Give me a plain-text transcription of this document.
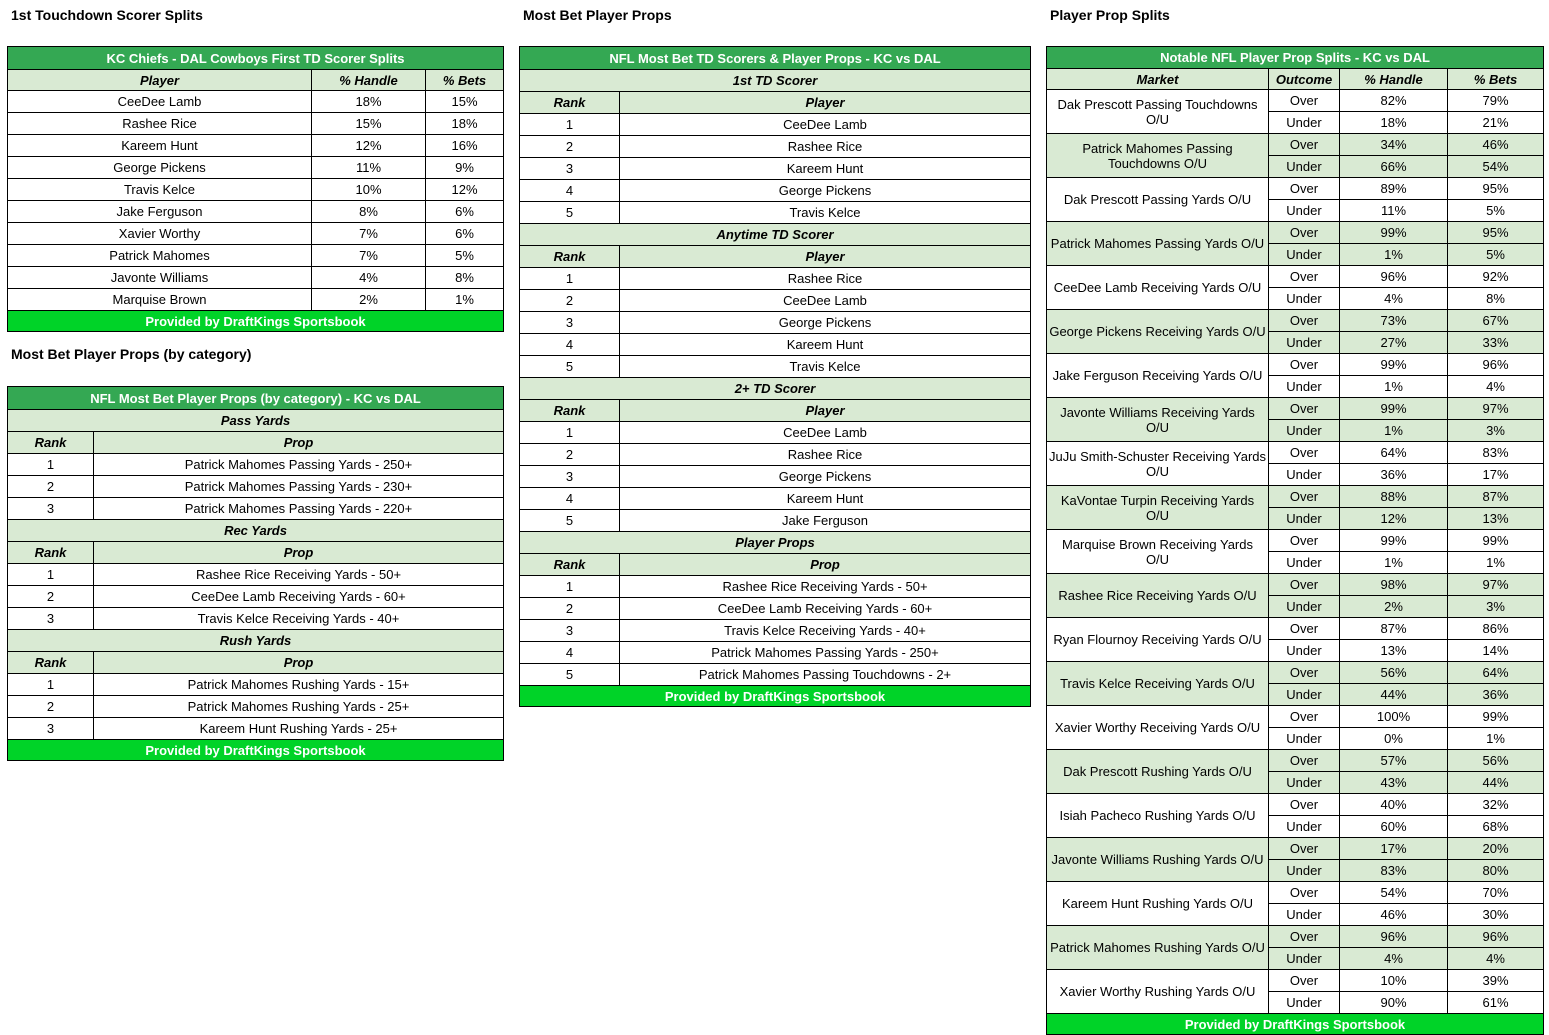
1st Touchdown Scorer Splits	Most Bet Player Props	Player Prop Splits
Most Bet Player Props (by category)
KC Chiefs - DAL Cowboys First TD Scorer Splits		
Player	% Handle	% Bets
CeeDee Lamb	18%	15%
Rashee Rice	15%	18%
Kareem Hunt	12%	16%
George Pickens	11%	9%
Travis Kelce	10%	12%
Jake Ferguson	8%	6%
Xavier Worthy	7%	6%
Patrick Mahomes	7%	5%
Javonte Williams	4%	8%
Marquise Brown	2%	1%
Provided by DraftKings Sportsbook		
NFL Most Bet Player Props (by category) - KC vs DAL	
Pass Yards	
Rank	Prop
1	Patrick Mahomes Passing Yards - 250+
2	Patrick Mahomes Passing Yards - 230+
3	Patrick Mahomes Passing Yards - 220+
Rec Yards	
Rank	Prop
1	Rashee Rice Receiving Yards - 50+
2	CeeDee Lamb Receiving Yards - 60+
3	Travis Kelce Receiving Yards - 40+
Rush Yards	
Rank	Prop
1	Patrick Mahomes Rushing Yards - 15+
2	Patrick Mahomes Rushing Yards - 25+
3	Kareem Hunt Rushing Yards - 25+
Provided by DraftKings Sportsbook	
NFL Most Bet TD Scorers & Player Props - KC vs DAL	
1st TD Scorer	
Rank	Player
1	CeeDee Lamb
2	Rashee Rice
3	Kareem Hunt
4	George Pickens
5	Travis Kelce
Anytime TD Scorer	
Rank	Player
1	Rashee Rice
2	CeeDee Lamb
3	George Pickens
4	Kareem Hunt
5	Travis Kelce
2+ TD Scorer	
Rank	Player
1	CeeDee Lamb
2	Rashee Rice
3	George Pickens
4	Kareem Hunt
5	Jake Ferguson
Player Props	
Rank	Prop
1	Rashee Rice Receiving Yards - 50+
2	CeeDee Lamb Receiving Yards - 60+
3	Travis Kelce Receiving Yards - 40+
4	Patrick Mahomes Passing Yards - 250+
5	Patrick Mahomes Passing Touchdowns - 2+
Provided by DraftKings Sportsbook	
Notable NFL Player Prop Splits - KC vs DAL			
Market	Outcome	% Handle	% Bets
Dak Prescott Passing Touchdowns O/U	Over	82%	79%
	Under	18%	21%
Patrick Mahomes Passing Touchdowns O/U	Over	34%	46%
	Under	66%	54%
Dak Prescott Passing Yards O/U	Over	89%	95%
	Under	11%	5%
Patrick Mahomes Passing Yards O/U	Over	99%	95%
	Under	1%	5%
CeeDee Lamb Receiving Yards O/U	Over	96%	92%
	Under	4%	8%
George Pickens Receiving Yards O/U	Over	73%	67%
	Under	27%	33%
Jake Ferguson Receiving Yards O/U	Over	99%	96%
	Under	1%	4%
Javonte Williams Receiving Yards O/U	Over	99%	97%
	Under	1%	3%
JuJu Smith-Schuster Receiving Yards O/U	Over	64%	83%
	Under	36%	17%
KaVontae Turpin Receiving Yards O/U	Over	88%	87%
	Under	12%	13%
Marquise Brown Receiving Yards O/U	Over	99%	99%
	Under	1%	1%
Rashee Rice Receiving Yards O/U	Over	98%	97%
	Under	2%	3%
Ryan Flournoy Receiving Yards O/U	Over	87%	86%
	Under	13%	14%
Travis Kelce Receiving Yards O/U	Over	56%	64%
	Under	44%	36%
Xavier Worthy Receiving Yards O/U	Over	100%	99%
	Under	0%	1%
Dak Prescott Rushing Yards O/U	Over	57%	56%
	Under	43%	44%
Isiah Pacheco Rushing Yards O/U	Over	40%	32%
	Under	60%	68%
Javonte Williams Rushing Yards O/U	Over	17%	20%
	Under	83%	80%
Kareem Hunt Rushing Yards O/U	Over	54%	70%
	Under	46%	30%
Patrick Mahomes Rushing Yards O/U	Over	96%	96%
	Under	4%	4%
Xavier Worthy Rushing Yards O/U	Over	10%	39%
	Under	90%	61%
Provided by DraftKings Sportsbook			
